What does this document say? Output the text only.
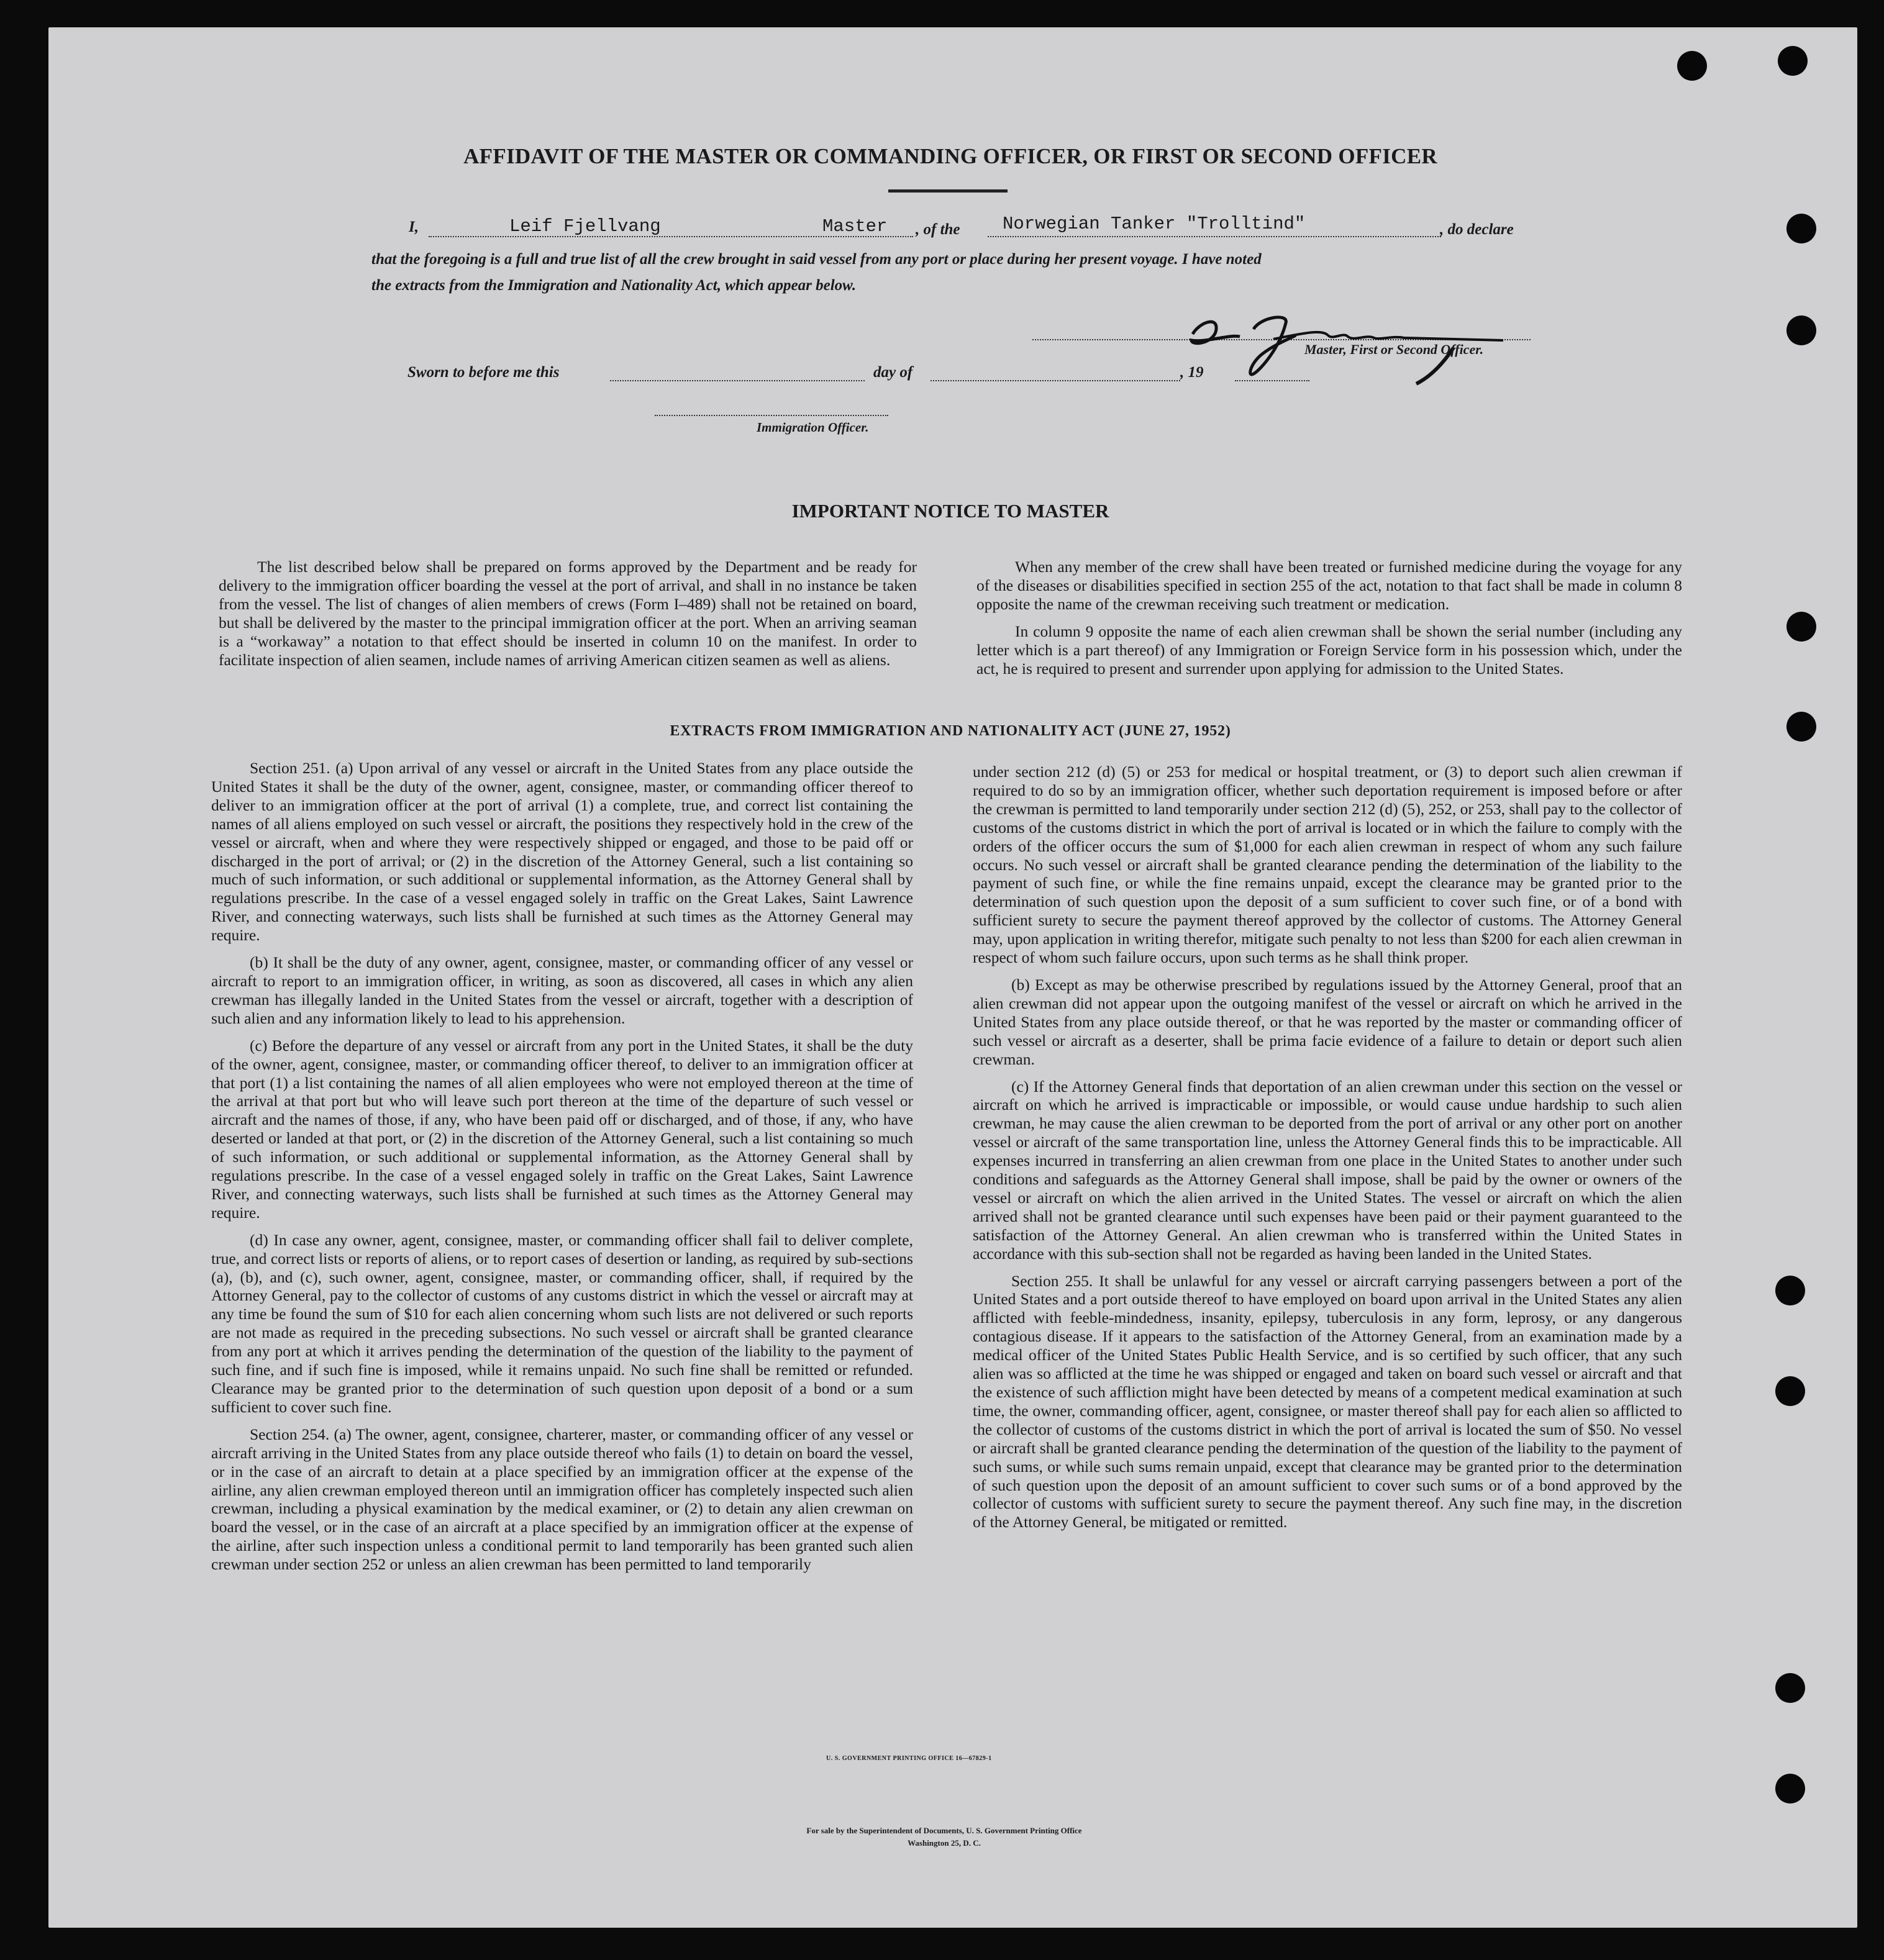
AFFIDAVIT OF THE MASTER OR COMMANDING OFFICER, OR FIRST OR SECOND OFFICER
I,	Leif Fjellvang	Master , of the Norwegian Tanker "Trolltind"	, do declare
that the foregoing is a full and true list of all the crew brought in said vessel from any port or place during her present voyage. I have noted
the extracts from the Immigration and Nationality Act, which appear below.
Master, First or Second Officer.
Sworn to before me this	day of	, 19
Immigration Officer.
IMPORTANT NOTICE TO MASTER

The list described below shall be prepared on forms approved by the Department and be ready for delivery to the immigration officer boarding the vessel at the port of arrival, and shall in no instance be taken from the vessel. The list of changes of alien members of crews (Form I–489) shall not be retained on board, but shall be delivered by the master to the principal immigration officer at the port. When an arriving seaman is a “workaway” a notation to that effect should be inserted in column 10 on the manifest. In order to facilitate inspection of alien seamen, include names of arriving American citizen seamen as well as aliens.

When any member of the crew shall have been treated or furnished medicine during the voyage for any of the diseases or disabilities specified in section 255 of the act, notation to that fact shall be made in column 8 opposite the name of the crewman receiving such treatment or medication.

In column 9 opposite the name of each alien crewman shall be shown the serial number (including any letter which is a part thereof) of any Immigration or Foreign Service form in his possession which, under the act, he is required to present and surrender upon applying for admission to the United States.

EXTRACTS FROM IMMIGRATION AND NATIONALITY ACT (JUNE 27, 1952)

Section 251. (a) Upon arrival of any vessel or aircraft in the United States from any place outside the United States it shall be the duty of the owner, agent, consignee, master, or commanding officer thereof to deliver to an immigration officer at the port of arrival (1) a complete, true, and correct list containing the names of all aliens employed on such vessel or aircraft, the positions they respectively hold in the crew of the vessel or aircraft, when and where they were respectively shipped or engaged, and those to be paid off or discharged in the port of arrival; or (2) in the discretion of the Attorney General, such a list containing so much of such information, or such additional or supplemental information, as the Attorney General shall by regulations prescribe. In the case of a vessel engaged solely in traffic on the Great Lakes, Saint Lawrence River, and connecting waterways, such lists shall be furnished at such times as the Attorney General may require.

(b) It shall be the duty of any owner, agent, consignee, master, or commanding officer of any vessel or aircraft to report to an immigration officer, in writing, as soon as discovered, all cases in which any alien crewman has illegally landed in the United States from the vessel or aircraft, together with a description of such alien and any information likely to lead to his apprehension.

(c) Before the departure of any vessel or aircraft from any port in the United States, it shall be the duty of the owner, agent, consignee, master, or commanding officer thereof, to deliver to an immigration officer at that port (1) a list containing the names of all alien employees who were not employed thereon at the time of the arrival at that port but who will leave such port thereon at the time of the departure of such vessel or aircraft and the names of those, if any, who have been paid off or discharged, and of those, if any, who have deserted or landed at that port, or (2) in the discretion of the Attorney General, such a list containing so much of such information, or such additional or supplemental information, as the Attorney General shall by regulations prescribe. In the case of a vessel engaged solely in traffic on the Great Lakes, Saint Lawrence River, and connecting waterways, such lists shall be furnished at such times as the Attorney General may require.

(d) In case any owner, agent, consignee, master, or commanding officer shall fail to deliver complete, true, and correct lists or reports of aliens, or to report cases of desertion or landing, as required by sub-sections (a), (b), and (c), such owner, agent, consignee, master, or commanding officer, shall, if required by the Attorney General, pay to the collector of customs of any customs district in which the vessel or aircraft may at any time be found the sum of $10 for each alien concerning whom such lists are not delivered or such reports are not made as required in the preceding subsections. No such vessel or aircraft shall be granted clearance from any port at which it arrives pending the determination of the question of the liability to the payment of such fine, and if such fine is imposed, while it remains unpaid. No such fine shall be remitted or refunded. Clearance may be granted prior to the determination of such question upon deposit of a bond or a sum sufficient to cover such fine.

Section 254. (a) The owner, agent, consignee, charterer, master, or commanding officer of any vessel or aircraft arriving in the United States from any place outside thereof who fails (1) to detain on board the vessel, or in the case of an aircraft to detain at a place specified by an immigration officer at the expense of the airline, any alien crewman employed thereon until an immigration officer has completely inspected such alien crewman, including a physical examination by the medical examiner, or (2) to detain any alien crewman on board the vessel, or in the case of an aircraft at a place specified by an immigration officer at the expense of the airline, after such inspection unless a conditional permit to land temporarily has been granted such alien crewman under section 252 or unless an alien crewman has been permitted to land temporarily

under section 212 (d) (5) or 253 for medical or hospital treatment, or (3) to deport such alien crewman if required to do so by an immigration officer, whether such deportation requirement is imposed before or after the crewman is permitted to land temporarily under section 212 (d) (5), 252, or 253, shall pay to the collector of customs of the customs district in which the port of arrival is located or in which the failure to comply with the orders of the officer occurs the sum of $1,000 for each alien crewman in respect of whom any such failure occurs. No such vessel or aircraft shall be granted clearance pending the determination of the liability to the payment of such fine, or while the fine remains unpaid, except the clearance may be granted prior to the determination of such question upon the deposit of a sum sufficient to cover such fine, or of a bond with sufficient surety to secure the payment thereof approved by the collector of customs. The Attorney General may, upon application in writing therefor, mitigate such penalty to not less than $200 for each alien crewman in respect of whom such failure occurs, upon such terms as he shall think proper.

(b) Except as may be otherwise prescribed by regulations issued by the Attorney General, proof that an alien crewman did not appear upon the outgoing manifest of the vessel or aircraft on which he arrived in the United States from any place outside thereof, or that he was reported by the master or commanding officer of such vessel or aircraft as a deserter, shall be prima facie evidence of a failure to detain or deport such alien crewman.

(c) If the Attorney General finds that deportation of an alien crewman under this section on the vessel or aircraft on which he arrived is impracticable or impossible, or would cause undue hardship to such alien crewman, he may cause the alien crewman to be deported from the port of arrival or any other port on another vessel or aircraft of the same transportation line, unless the Attorney General finds this to be impracticable. All expenses incurred in transferring an alien crewman from one place in the United States to another under such conditions and safeguards as the Attorney General shall impose, shall be paid by the owner or owners of the vessel or aircraft on which the alien arrived in the United States. The vessel or aircraft on which the alien arrived shall not be granted clearance until such expenses have been paid or their payment guaranteed to the satisfaction of the Attorney General. An alien crewman who is transferred within the United States in accordance with this sub-section shall not be regarded as having been landed in the United States.

Section 255. It shall be unlawful for any vessel or aircraft carrying passengers between a port of the United States and a port outside thereof to have employed on board upon arrival in the United States any alien afflicted with feeble-mindedness, insanity, epilepsy, tuberculosis in any form, leprosy, or any dangerous contagious disease. If it appears to the satisfaction of the Attorney General, from an examination made by a medical officer of the United States Public Health Service, and is so certified by such officer, that any such alien was so afflicted at the time he was shipped or engaged and taken on board such vessel or aircraft and that the existence of such affliction might have been detected by means of a competent medical examination at such time, the owner, commanding officer, agent, consignee, or master thereof shall pay for each alien so afflicted to the collector of customs of the customs district in which the port of arrival is located the sum of $50. No vessel or aircraft shall be granted clearance pending the determination of the question of the liability to the payment of such sums, or while such sums remain unpaid, except that clearance may be granted prior to the determination of such question upon the deposit of an amount sufficient to cover such sums or of a bond approved by the collector of customs with sufficient surety to secure the payment thereof. Any such fine may, in the discretion of the Attorney General, be mitigated or remitted.

U. S. GOVERNMENT PRINTING OFFICE 16—67829-1
For sale by the Superintendent of Documents, U. S. Government Printing Office
Washington 25, D. C.
